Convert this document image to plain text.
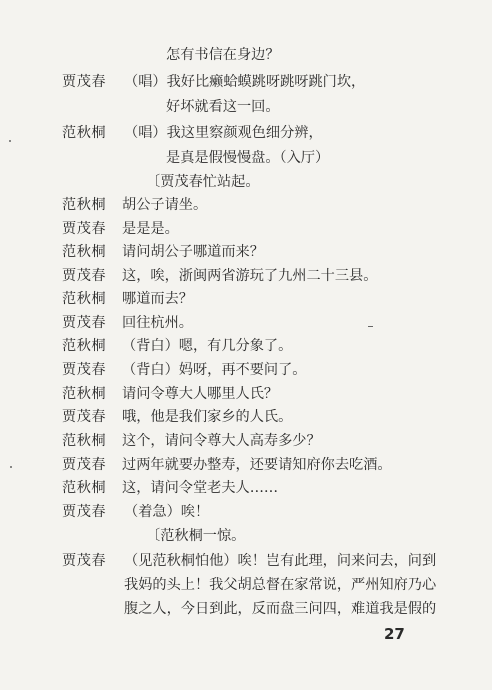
怎有书信在身边？
贾茂春 （唱）我好比癞蛤蟆跳呀跳呀跳门坎，
好坏就看这一回。
范秋桐 （唱）我这里察颜观色细分辨，
是真是假慢慢盘。（入厅）
〔贾茂春忙站起。
范秋桐 胡公子请坐。
贾茂春 是是是。
范秋桐 请问胡公子哪道而来？
贾茂春 这，唉，浙闽两省游玩了九州二十三县。
范秋桐 哪道而去？
贾茂春 回往杭州。
范秋桐 （背白）嗯，有几分象了。
贾茂春 （背白）妈呀，再不要问了。
范秋桐 请问令尊大人哪里人氏？
贾茂春 哦，他是我们家乡的人氏。
范秋桐 这个，请问令尊大人高寿多少？
贾茂春 过两年就要办整寿，还要请知府你去吃酒。
范秋桐 这，请问令堂老夫人……
贾茂春 （着急）唉！
〔范秋桐一惊。
贾茂春 （见范秋桐怕他）唉！岂有此理，问来问去，问到
我妈的头上！我父胡总督在家常说，严州知府乃心
腹之人，今日到此，反而盘三问四，难道我是假的
27
